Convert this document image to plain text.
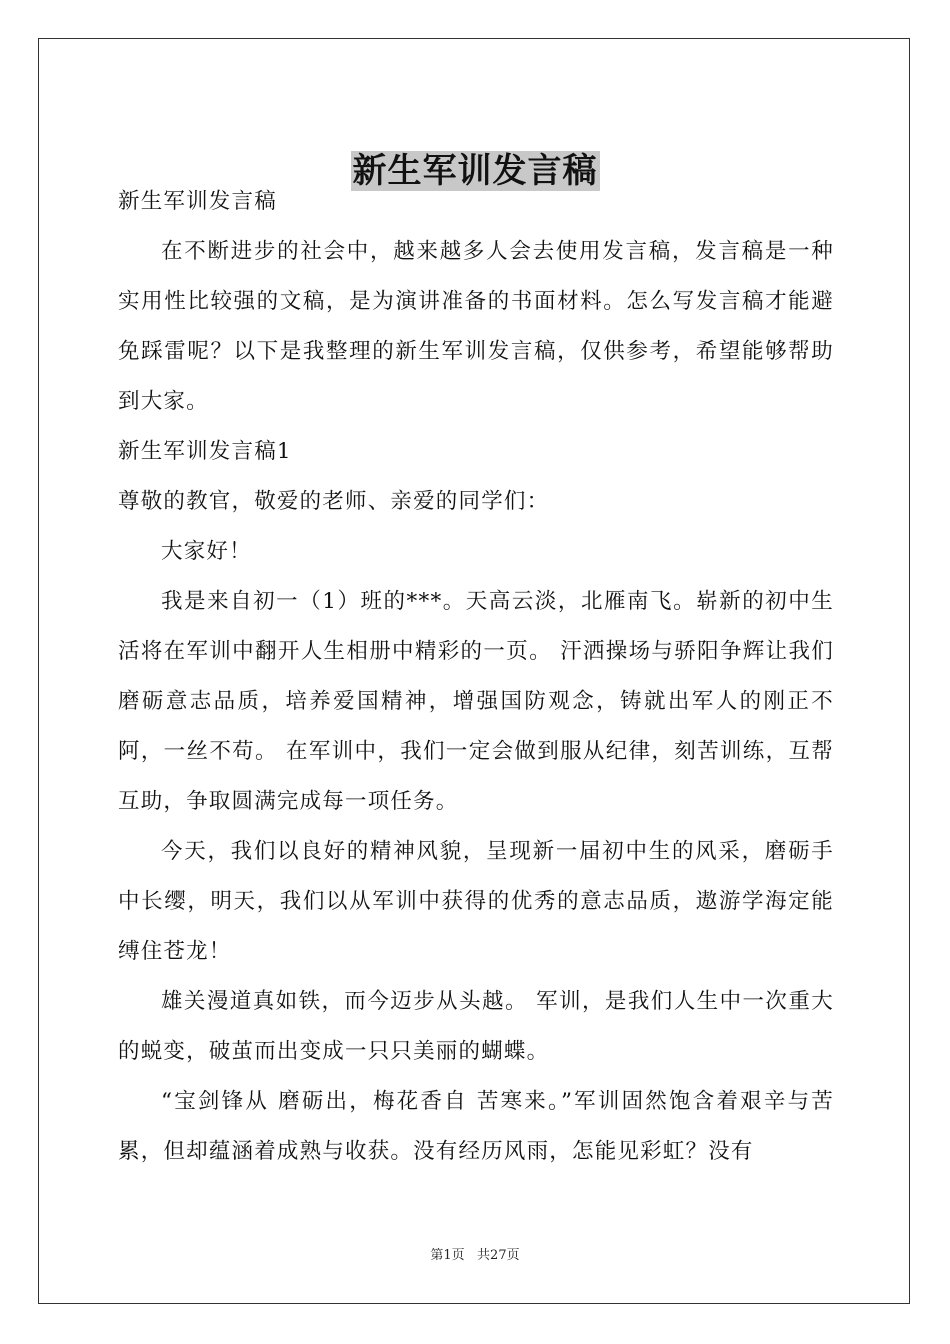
新生军训发言稿

新生军训发言稿

在不断进步的社会中，越来越多人会去使用发言稿，发言稿是一种实用性比较强的文稿，是为演讲准备的书面材料。怎么写发言稿才能避免踩雷呢？以下是我整理的新生军训发言稿，仅供参考，希望能够帮助到大家。

新生军训发言稿1

尊敬的教官，敬爱的老师、亲爱的同学们：

大家好！

我是来自初一（1）班的***。天高云淡，北雁南飞。崭新的初中生活将在军训中翻开人生相册中精彩的一页。 汗洒操场与骄阳争辉让我们磨砺意志品质，培养爱国精神，增强国防观念，铸就出军人的刚正不阿，一丝不苟。 在军训中，我们一定会做到服从纪律，刻苦训练，互帮互助，争取圆满完成每一项任务。

今天，我们以良好的精神风貌，呈现新一届初中生的风采，磨砺手中长缨，明天，我们以从军训中获得的优秀的意志品质，遨游学海定能缚住苍龙！

雄关漫道真如铁，而今迈步从头越。 军训，是我们人生中一次重大的蜕变，破茧而出变成一只只美丽的蝴蝶。

“宝剑锋从 磨砺出，梅花香自 苦寒来。”军训固然饱含着艰辛与苦累，但却蕴涵着成熟与收获。没有经历风雨，怎能见彩虹？没有

第1页   共27页
